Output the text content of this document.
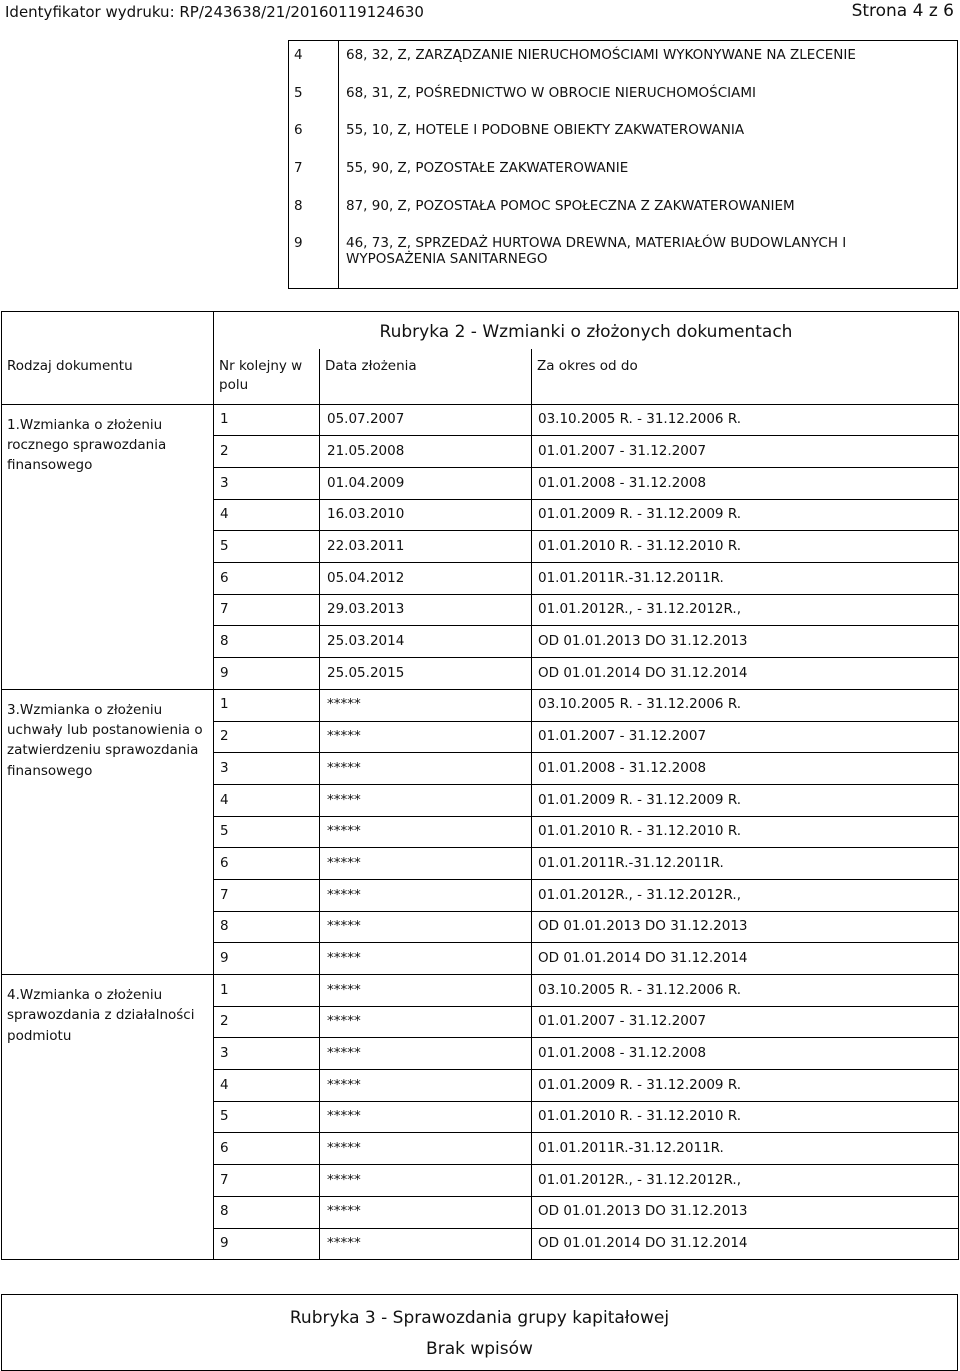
Identyfikator wydruku: RP/243638/21/20160119124630	Strona 4 z 6
4	68, 32, Z, ZARZĄDZANIE NIERUCHOMOŚCIAMI WYKONYWANE NA ZLECENIE
5	68, 31, Z, POŚREDNICTWO W OBROCIE NIERUCHOMOŚCIAMI
6	55, 10, Z, HOTELE I PODOBNE OBIEKTY ZAKWATEROWANIA
7	55, 90, Z, POZOSTAŁE ZAKWATEROWANIE
8	87, 90, Z, POZOSTAŁA POMOC SPOŁECZNA Z ZAKWATEROWANIEM
9	46, 73, Z, SPRZEDAŻ HURTOWA DREWNA, MATERIAŁÓW BUDOWLANYCH I WYPOSAŻENIA SANITARNEGO
	Rubryka 2 - Wzmianki o złożonych dokumentach		
Rodzaj dokumentu	Nr kolejny w polu	Data złożenia	Za okres od do
1.Wzmianka o złożeniu rocznego sprawozdania finansowego	1	05.07.2007	03.10.2005 R. - 31.12.2006 R.
	2	21.05.2008	01.01.2007 - 31.12.2007
	3	01.04.2009	01.01.2008 - 31.12.2008
	4	16.03.2010	01.01.2009 R. - 31.12.2009 R.
	5	22.03.2011	01.01.2010 R. - 31.12.2010 R.
	6	05.04.2012	01.01.2011R.-31.12.2011R.
	7	29.03.2013	01.01.2012R., - 31.12.2012R.,
	8	25.03.2014	OD 01.01.2013 DO 31.12.2013
	9	25.05.2015	OD 01.01.2014 DO 31.12.2014
3.Wzmianka o złożeniu uchwały lub postanowienia o zatwierdzeniu sprawozdania finansowego	1	*****	03.10.2005 R. - 31.12.2006 R.
	2	*****	01.01.2007 - 31.12.2007
	3	*****	01.01.2008 - 31.12.2008
	4	*****	01.01.2009 R. - 31.12.2009 R.
	5	*****	01.01.2010 R. - 31.12.2010 R.
	6	*****	01.01.2011R.-31.12.2011R.
	7	*****	01.01.2012R., - 31.12.2012R.,
	8	*****	OD 01.01.2013 DO 31.12.2013
	9	*****	OD 01.01.2014 DO 31.12.2014
4.Wzmianka o złożeniu sprawozdania z działalności podmiotu	1	*****	03.10.2005 R. - 31.12.2006 R.
	2	*****	01.01.2007 - 31.12.2007
	3	*****	01.01.2008 - 31.12.2008
	4	*****	01.01.2009 R. - 31.12.2009 R.
	5	*****	01.01.2010 R. - 31.12.2010 R.
	6	*****	01.01.2011R.-31.12.2011R.
	7	*****	01.01.2012R., - 31.12.2012R.,
	8	*****	OD 01.01.2013 DO 31.12.2013
	9	*****	OD 01.01.2014 DO 31.12.2014
Rubryka 3 - Sprawozdania grupy kapitałowej
Brak wpisów
